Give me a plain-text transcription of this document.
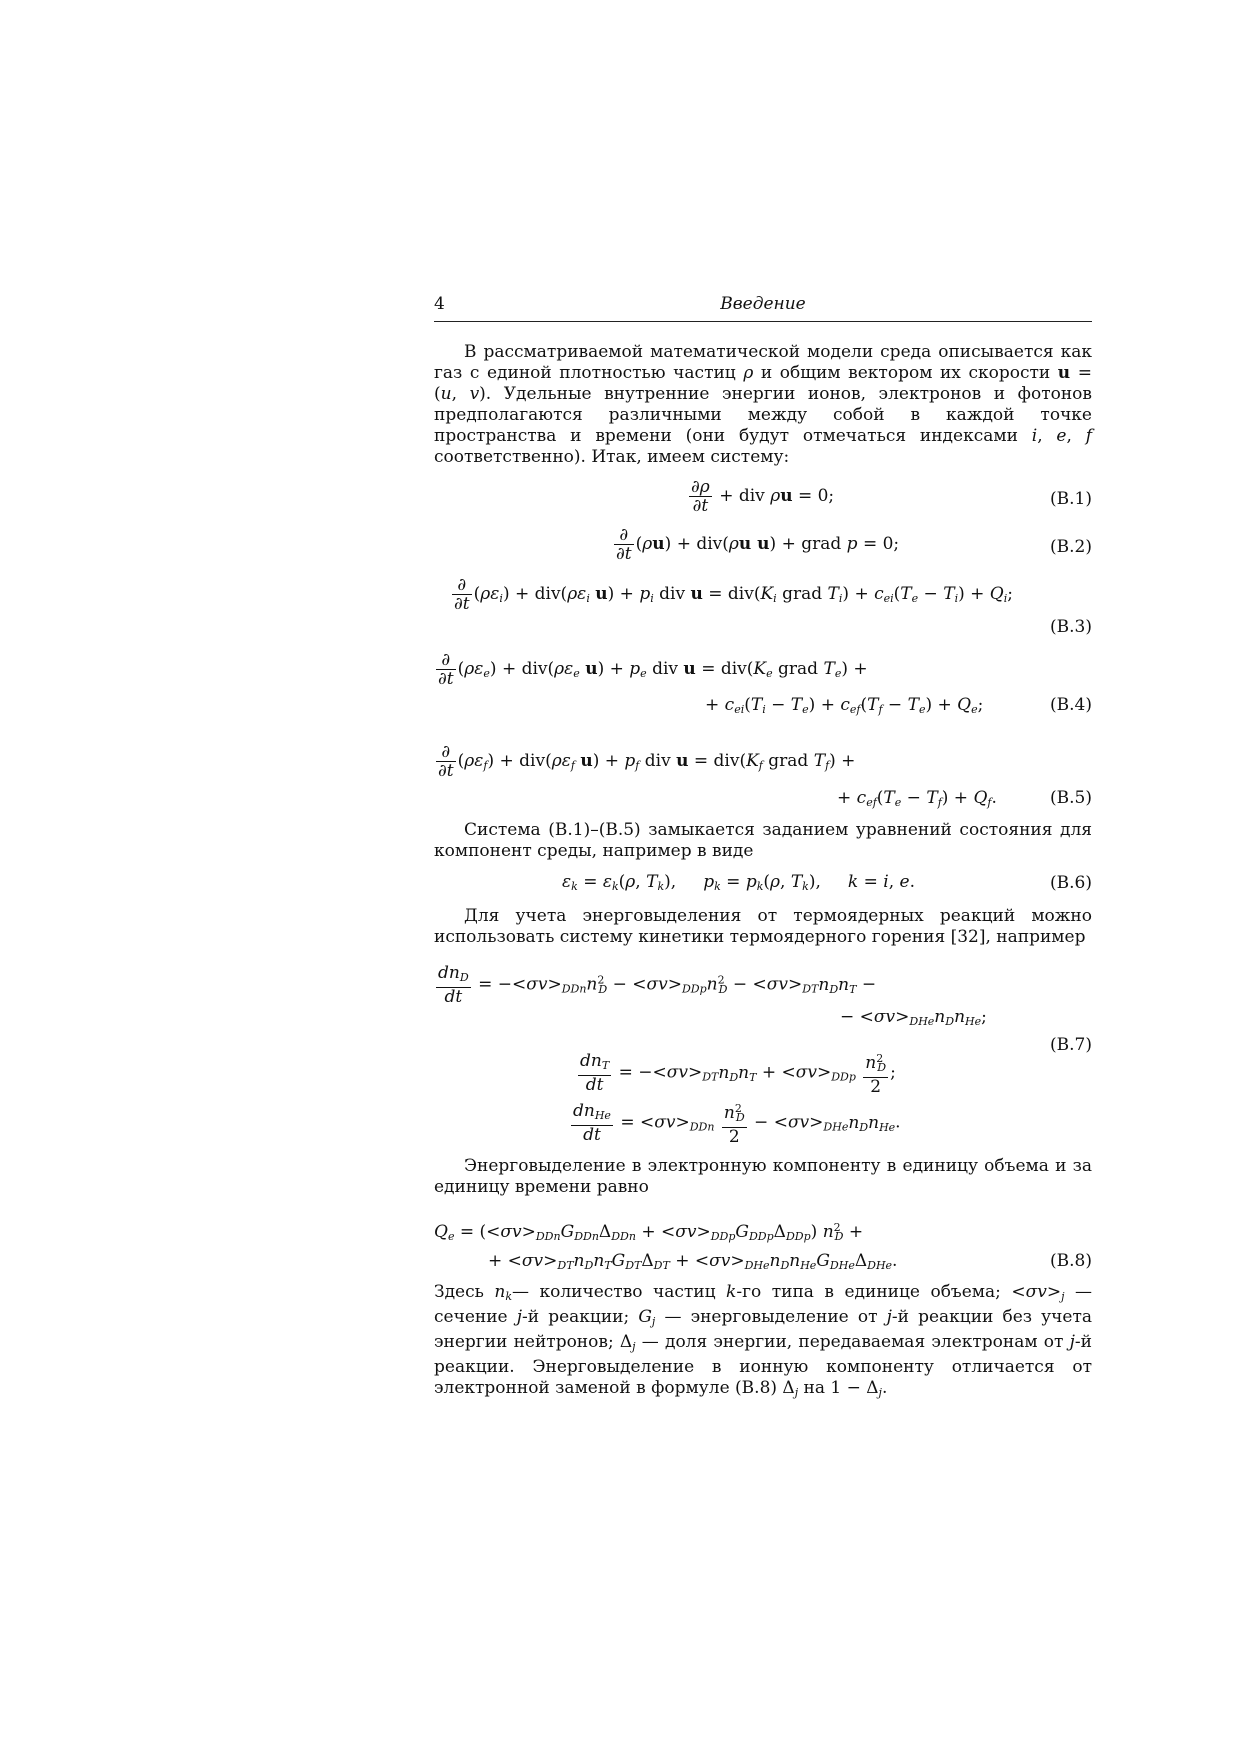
4	Введение
В рассматриваемой математической модели среда описывается как газ с единой плотностью частиц ρ и общим вектором их скорости u = (u, v). Удельные внутренние энергии ионов, электронов и фотонов предполагаются различными между собой в каждой точке пространства и времени (они будут отмечаться индексами i, e, f соответственно). Итак, имеем систему:
$\frac{\partial\rho}{\partial t}$ + div ρu = 0;	(В.1)
$\frac{\partial}{\partial t} (\rho u) + div(\rho u$ u) + grad p = 0;	(В.2)
$\frac{\partial}{\partial t} (\rho\varepsilon_i) + div(\rho\varepsilon_i$ $u) + p_i$ div $u = div(K_i$ grad $T_i) + c_{ei}(T_e - T_i) + Q_i$;
(В.3)
$\frac{\partial}{\partial t} (\rho\varepsilon_e) + div(\rho\varepsilon_e$ $u) + p_e$ div $u = div(K_e$ grad $T_e$) +
+ $c_{ei}(T_i - T_e) + c_{ef}(T_f - T_e) + Q_e$;	(В.4)
$\frac{\partial}{\partial t} (\rho\varepsilon_f) + div(\rho\varepsilon_f$ $u) + p_f$ div $u = div(K_f$ grad $T_f$) +
+ $c_{ef}(T_e - T_f) + Q_f$.	(В.5)
Система (В.1)–(В.5) замыкается заданием уравнений состояния для компонент среды, например в виде
$\varepsilon_k = \varepsilon_k(\rho$, $T_k$),     $p_k = p_k(\rho$, $T_k$),     k = i, e.	(В.6)
Для учета энерговыделения от термоядерных реакций можно использовать систему кинетики термоядерного горения [32], например
$\frac{dn_D}{dt} = -<\sigma v>_{DDn}n^2_D - <\sigma v>_{DDp}n^2_D - <\sigma v>_{DT}n_Dn_T$ −
− $<\sigma v>_{DHe}n_Dn_{He}$;
(В.7)
$\frac{dn_T}{dt} = -<\sigma v>_{DT}n_Dn_T + <\sigma v>_{DDp} \frac{n^2_D}{2}$ ;
$\frac{dn_{He}}{dt} = <\sigma v>_{DDn} \frac{n^2_D}{2} - <\sigma v>_{DHe}n_Dn_{He}$.
Энерговыделение в электронную компоненту в единицу объема и за единицу времени равно
$Q_e = (<\sigma v>_{DDn}G_{DDn}\Delta_{DDn} + <\sigma v>_{DDp}G_{DDp}\Delta_{DDp}) n^2_D$ +
+ $<\sigma v>_{DT}n_Dn_TG_{DT}\Delta_{DT} + <\sigma v>_{DHe}n_Dn_{He}G_{DHe}\Delta_{DHe}$.	(В.8)
Здесь $n_k—$ количество частиц k-го типа в единице объема; $<\sigma v>_j$ — сечение j-й реакции; $G_j$ — энерговыделение от j-й реакции без учета энергии нейтронов; $\Delta_j$ — доля энергии, передаваемая электронам от j-й реакции. Энерговыделение в ионную компоненту отличается от электронной заменой в формуле (В.8) $\Delta_j$ на $1 - \Delta_j$.
